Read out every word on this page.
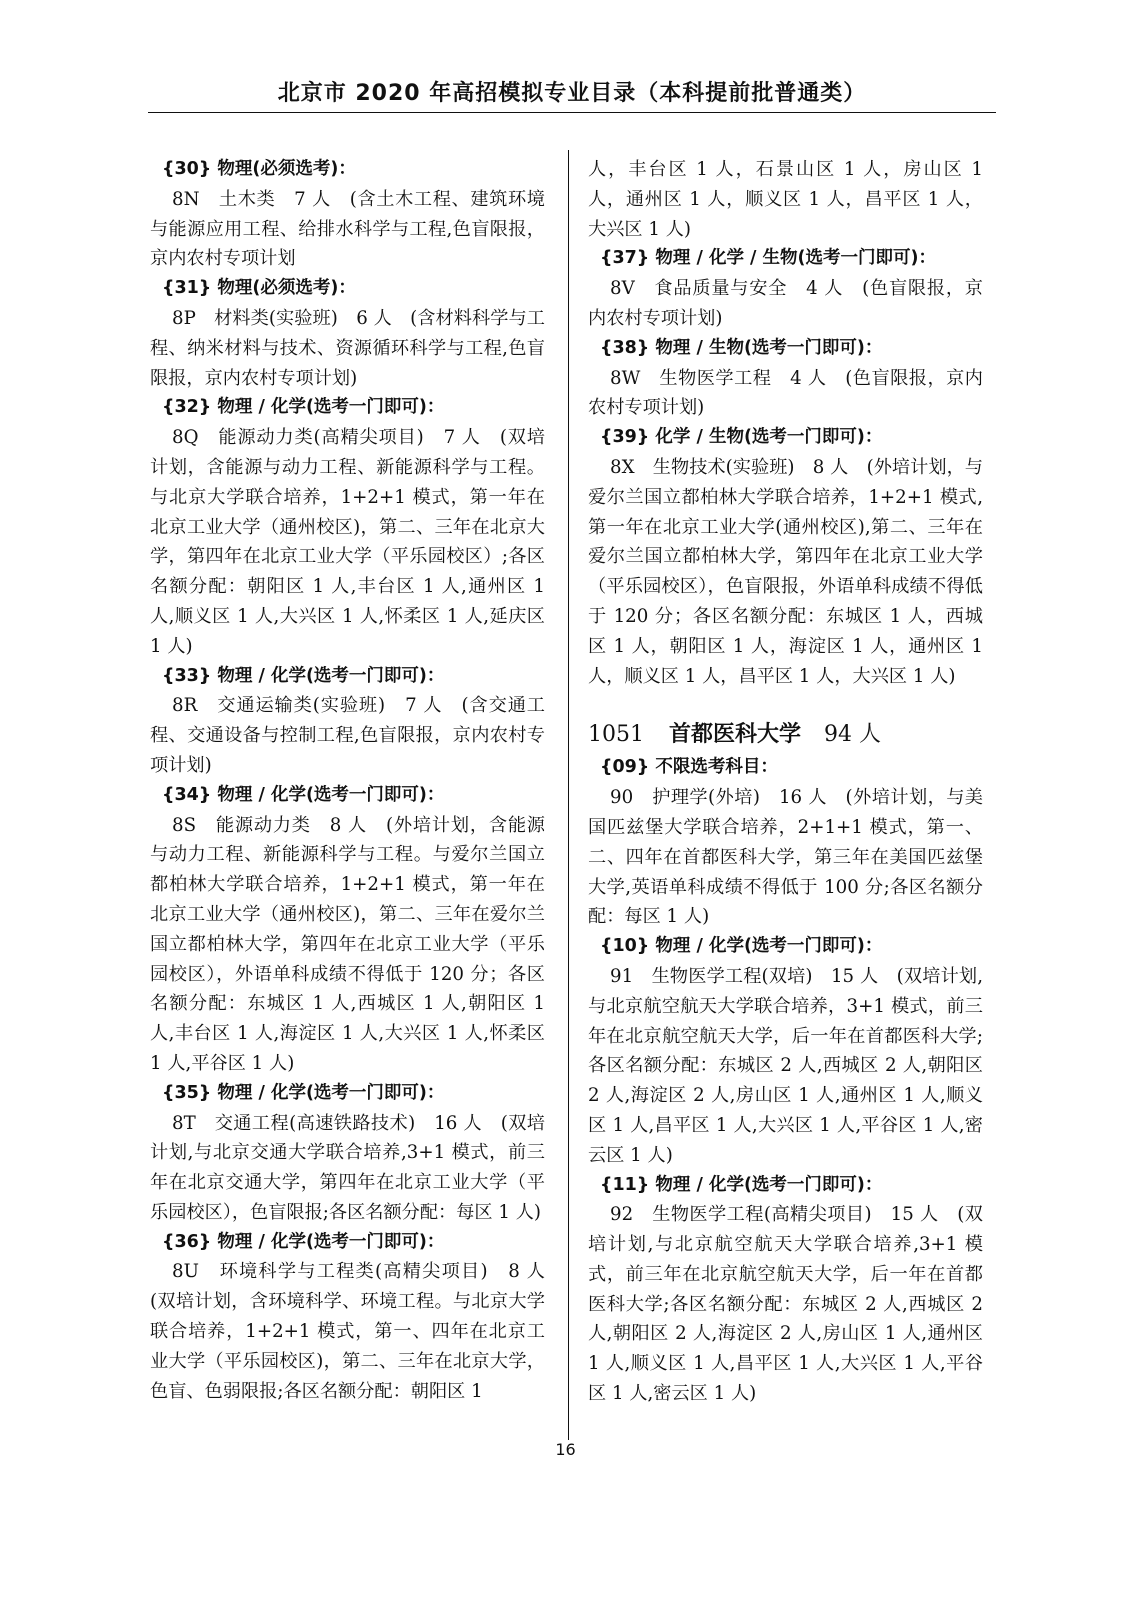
北京市 2020 年高招模拟专业目录（本科提前批普通类）
{30} 物理(必须选考)：
8N　土木类　7 人　(含土木工程、建筑环境与能源应用工程、给排水科学与工程,色盲限报，京内农村专项计划
{31} 物理(必须选考)：
8P　材料类(实验班)　6 人　(含材料科学与工程、纳米材料与技术、资源循环科学与工程,色盲限报，京内农村专项计划)
{32} 物理 / 化学(选考一门即可)：
8Q　能源动力类(高精尖项目)　7 人　(双培计划，含能源与动力工程、新能源科学与工程。与北京大学联合培养，1+2+1 模式，第一年在北京工业大学（通州校区)，第二、三年在北京大学，第四年在北京工业大学（平乐园校区）;各区名额分配：朝阳区 1 人,丰台区 1 人,通州区 1 人,顺义区 1 人,大兴区 1 人,怀柔区 1 人,延庆区 1 人)
{33} 物理 / 化学(选考一门即可)：
8R　交通运输类(实验班)　7 人　(含交通工程、交通设备与控制工程,色盲限报，京内农村专项计划)
{34} 物理 / 化学(选考一门即可)：
8S　能源动力类　8 人　(外培计划，含能源与动力工程、新能源科学与工程。与爱尔兰国立都柏林大学联合培养，1+2+1 模式，第一年在北京工业大学（通州校区)，第二、三年在爱尔兰国立都柏林大学，第四年在北京工业大学（平乐园校区），外语单科成绩不得低于 120 分；各区名额分配：东城区 1 人,西城区 1 人,朝阳区 1 人,丰台区 1 人,海淀区 1 人,大兴区 1 人,怀柔区 1 人,平谷区 1 人)
{35} 物理 / 化学(选考一门即可)：
8T　交通工程(高速铁路技术)　16 人　(双培计划,与北京交通大学联合培养,3+1 模式，前三年在北京交通大学，第四年在北京工业大学（平乐园校区），色盲限报;各区名额分配：每区 1 人)
{36} 物理 / 化学(选考一门即可)：
8U　环境科学与工程类(高精尖项目)　8 人　(双培计划，含环境科学、环境工程。与北京大学联合培养，1+2+1 模式，第一、四年在北京工业大学（平乐园校区)，第二、三年在北京大学，色盲、色弱限报;各区名额分配：朝阳区 1
人，丰台区 1 人，石景山区 1 人，房山区 1 人，通州区 1 人，顺义区 1 人，昌平区 1 人，大兴区 1 人)
{37} 物理 / 化学 / 生物(选考一门即可)：
8V　食品质量与安全　4 人　(色盲限报，京内农村专项计划)
{38} 物理 / 生物(选考一门即可)：
8W　生物医学工程　4 人　(色盲限报，京内农村专项计划)
{39} 化学 / 生物(选考一门即可)：
8X　生物技术(实验班)　8 人　(外培计划，与爱尔兰国立都柏林大学联合培养，1+2+1 模式,第一年在北京工业大学(通州校区),第二、三年在爱尔兰国立都柏林大学，第四年在北京工业大学（平乐园校区），色盲限报，外语单科成绩不得低于 120 分；各区名额分配：东城区 1 人，西城区 1 人，朝阳区 1 人，海淀区 1 人，通州区 1 人，顺义区 1 人，昌平区 1 人，大兴区 1 人)
1051 首都医科大学 94 人
{09} 不限选考科目：
90　护理学(外培)　16 人　(外培计划，与美国匹兹堡大学联合培养，2+1+1 模式，第一、二、四年在首都医科大学，第三年在美国匹兹堡大学,英语单科成绩不得低于 100 分;各区名额分配：每区 1 人)
{10} 物理 / 化学(选考一门即可)：
91　生物医学工程(双培)　15 人　(双培计划,与北京航空航天大学联合培养，3+1 模式，前三年在北京航空航天大学，后一年在首都医科大学;各区名额分配：东城区 2 人,西城区 2 人,朝阳区 2 人,海淀区 2 人,房山区 1 人,通州区 1 人,顺义区 1 人,昌平区 1 人,大兴区 1 人,平谷区 1 人,密云区 1 人)
{11} 物理 / 化学(选考一门即可)：
92　生物医学工程(高精尖项目)　15 人　(双培计划,与北京航空航天大学联合培养,3+1 模式，前三年在北京航空航天大学，后一年在首都医科大学;各区名额分配：东城区 2 人,西城区 2 人,朝阳区 2 人,海淀区 2 人,房山区 1 人,通州区 1 人,顺义区 1 人,昌平区 1 人,大兴区 1 人,平谷区 1 人,密云区 1 人)
16
